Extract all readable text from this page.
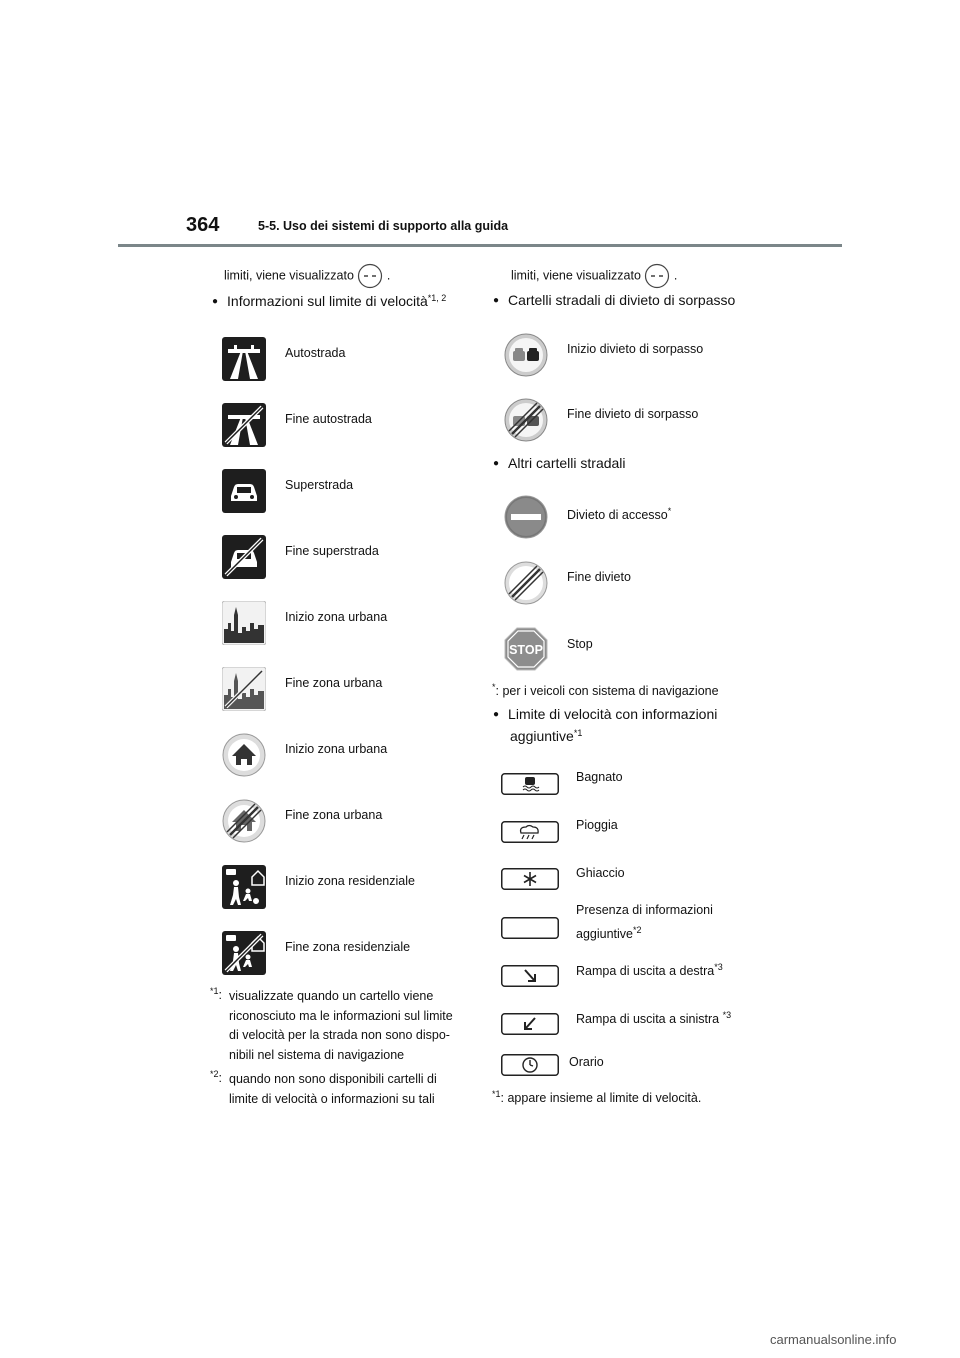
364	5-5. Uso dei sistemi di supporto alla guida
limiti, viene visualizzato	.
● Informazioni sul limite di velocità$^{*1, 2}$
Autostrada
Fine autostrada
Superstrada
Fine superstrada
Inizio zona urbana
Fine zona urbana
Inizio zona urbana
Fine zona urbana
Inizio zona residenziale
Fine zona residenziale
$^{*1}$: visualizzate quando un cartello viene
riconosciuto ma le informazioni sul limite
di velocità per la strada non sono dispo-
nibili nel sistema di navigazione
$^{*2}$: quando non sono disponibili cartelli di
limite di velocità o informazioni su tali
limiti, viene visualizzato	.
● Cartelli stradali di divieto di sorpasso
Inizio divieto di sorpasso
Fine divieto di sorpasso
● Altri cartelli stradali
Divieto di accesso*
Fine divieto
STOP Stop
*: per i veicoli con sistema di navigazione
● Limite di velocità con informazioni
aggiuntive$^{*1}$
Bagnato
Pioggia
Ghiaccio
Presenza di informazioni
aggiuntive$^{*2}$
Rampa di uscita a destra$^{*3}$
Rampa di uscita a sinistra $^{*3}$
Orario
$^{*1}$: appare insieme al limite di velocità.
carmanualsonline.info
